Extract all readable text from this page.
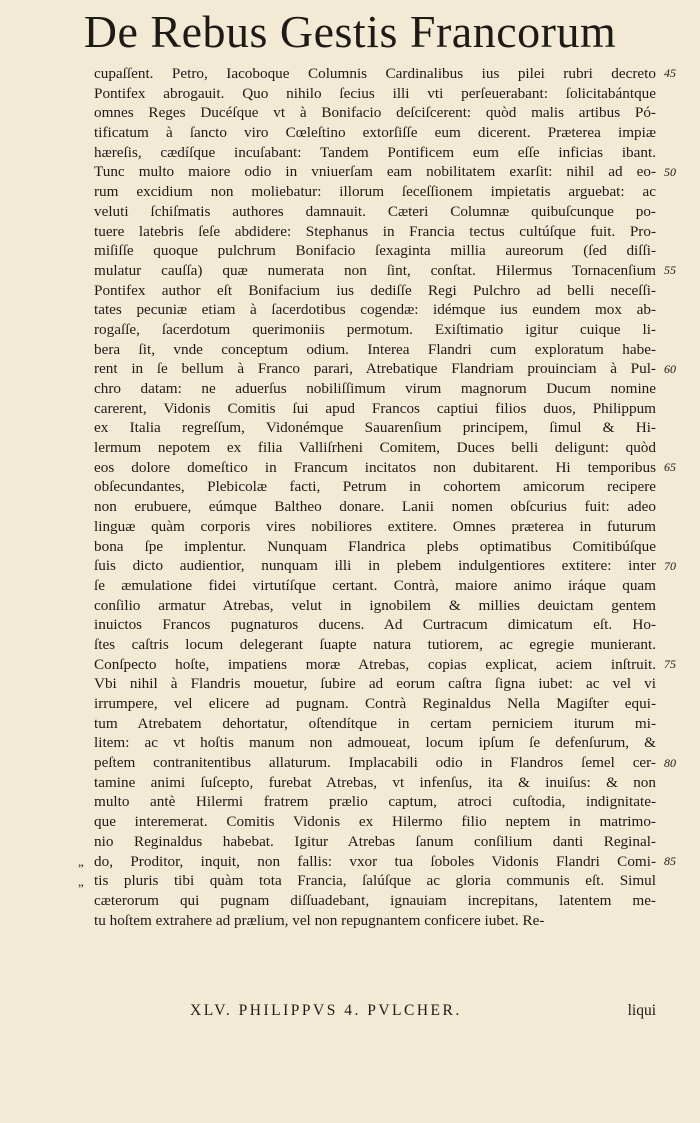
De Rebus Gestis Francorum
cupaſſent. Petro, Iacoboque Columnis Cardinalibus ius pilei rubri decreto
Pontifex abrogauit. Quo nihilo ſecius illi vti perſeuerabant: ſolicitabántque
omnes Reges Ducéſque vt à Bonifacio deſciſcerent: quòd malis artibus Pó-
tificatum à ſancto viro Cœleſtino extorſiſſe eum dicerent. Præterea impiæ
hæreſis, cædíſque incuſabant: Tandem Pontificem eum eſſe inficias ibant.
Tunc multo maiore odio in vniuerſam eam nobilitatem exarſit: nihil ad eo-
rum excidium non moliebatur: illorum ſeceſſionem impietatis arguebat: ac
veluti ſchiſmatis authores damnauit. Cæteri Columnæ quibuſcunque po-
tuere latebris ſeſe abdidere: Stephanus in Francia tectus cultúſque fuit. Pro-
miſiſſe quoque pulchrum Bonifacio ſexaginta millia aureorum (ſed diſſi-
mulatur cauſſa) quæ numerata non ſint, conſtat. Hilermus Tornacenſium
Pontifex author eſt Bonifacium ius dediſſe Regi Pulchro ad belli neceſſi-
tates pecuniæ etiam à ſacerdotibus cogendæ: idémque ius eundem mox ab-
rogaſſe, ſacerdotum querimoniis permotum. Exiſtimatio igitur cuique li-
bera ſit, vnde conceptum odium. Interea Flandri cum exploratum habe-
rent in ſe bellum à Franco parari, Atrebatique Flandriam prouinciam à Pul-
chro datam: ne aduerſus nobiliſſimum virum magnorum Ducum nomine
carerent, Vidonis Comitis ſui apud Francos captiui filios duos, Philippum
ex Italia regreſſum, Vidonémque Sauarenſium principem, ſimul & Hi-
lermum nepotem ex filia Valliſrheni Comitem, Duces belli deligunt: quòd
eos dolore domeſtico in Francum incitatos non dubitarent. Hi temporibus
obſecundantes, Plebicolæ facti, Petrum in cohortem amicorum recipere
non erubuere, eúmque Baltheo donare. Lanii nomen obſcurius fuit: adeo
linguæ quàm corporis vires nobiliores extitere. Omnes præterea in futurum
bona ſpe implentur. Nunquam Flandrica plebs optimatibus Comitibúſque
ſuis dicto audientior, nunquam illi in plebem indulgentiores extitere: inter
ſe æmulatione fidei virtutíſque certant. Contrà, maiore animo iráque quam
conſilio armatur Atrebas, velut in ignobilem & millies deuictam gentem
inuictos Francos pugnaturos ducens. Ad Curtracum dimicatum eſt. Ho-
ſtes caſtris locum delegerant ſuapte natura tutiorem, ac egregie munierant.
Conſpecto hoſte, impatiens moræ Atrebas, copias explicat, aciem inſtruit.
Vbi nihil à Flandris mouetur, ſubire ad eorum caſtra ſigna iubet: ac vel vi
irrumpere, vel elicere ad pugnam. Contrà Reginaldus Nella Magiſter equi-
tum Atrebatem dehortatur, oſtendítque in certam perniciem iturum mi-
litem: ac vt hoſtis manum non admoueat, locum ipſum ſe defenſurum, &
peſtem contranitentibus allaturum. Implacabili odio in Flandros ſemel cer-
tamine animi ſuſcepto, furebat Atrebas, vt infenſus, ita & inuiſus: & non
multo antè Hilermi fratrem prælio captum, atroci cuſtodia, indignitate-
que interemerat. Comitis Vidonis ex Hilermo filio neptem in matrimo-
nio Reginaldus habebat. Igitur Atrebas ſanum conſilium danti Reginal-
do, Proditor, inquit, non fallis: vxor tua ſoboles Vidonis Flandri Comi-
tis pluris tibi quàm tota Francia, ſalúſque ac gloria communis eſt. Simul
cæterorum qui pugnam diſſuadebant, ignauiam increpitans, latentem me-
tu hoſtem extrahere ad prælium, vel non repugnantem conficere iubet. Re-
45
50
55
60
65
70
75
80
85
„
„
XLV. PHILIPPVS 4. PVLCHER.	liqui
